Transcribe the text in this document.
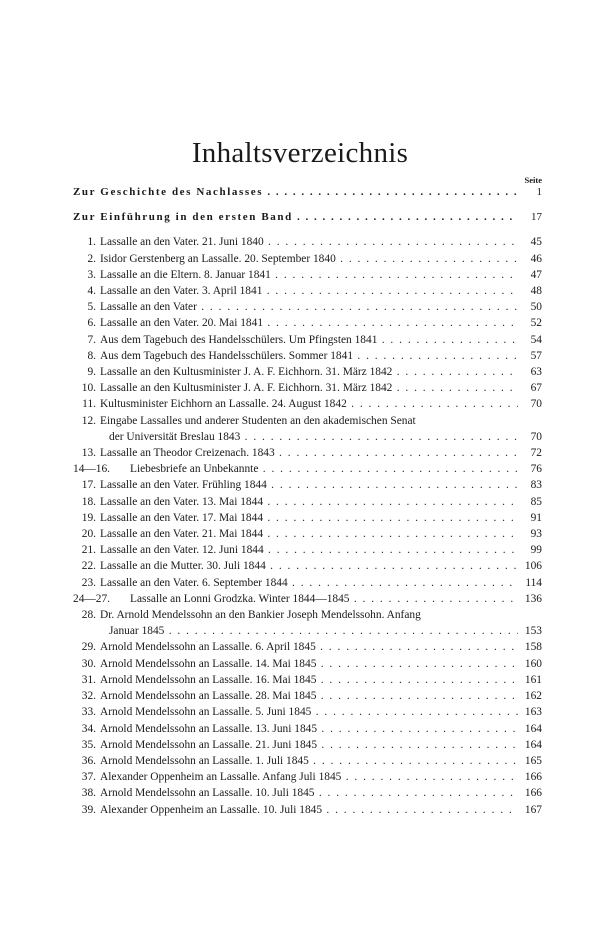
Inhaltsverzeichnis
Seite
Zur Geschichte des Nachlasses . . .	1
Zur Einführung in den ersten Band . . .	17
1. Lassalle an den Vater. 21. Juni 1840 . . .	45
2. Isidor Gerstenberg an Lassalle. 20. September 1840 . . .	46
3. Lassalle an die Eltern. 8. Januar 1841 . . .	47
4. Lassalle an den Vater. 3. April 1841 . . .	48
5. Lassalle an den Vater . . .	50
6. Lassalle an den Vater. 20. Mai 1841 . . .	52
7. Aus dem Tagebuch des Handelsschülers. Um Pfingsten 1841 . . .	54
8. Aus dem Tagebuch des Handelsschülers. Sommer 1841 . . .	57
9. Lassalle an den Kultusminister J. A. F. Eichhorn. 31. März 1842 . . .	63
10. Lassalle an den Kultusminister J. A. F. Eichhorn. 31. März 1842 . . .	67
11. Kultusminister Eichhorn an Lassalle. 24. August 1842 . . .	70
12. Eingabe Lassalles und anderer Studenten an den akademischen Senat
der Universität Breslau 1843 . . .	70
13. Lassalle an Theodor Creizenach. 1843 . . .	72
14—16.	Liebesbriefe an Unbekannte . . .	76
17. Lassalle an den Vater. Frühling 1844 . . .	83
18. Lassalle an den Vater. 13. Mai 1844 . . .	85
19. Lassalle an den Vater. 17. Mai 1844 . . .	91
20. Lassalle an den Vater. 21. Mai 1844 . . .	93
21. Lassalle an den Vater. 12. Juni 1844 . . .	99
22. Lassalle an die Mutter. 30. Juli 1844 . . .	106
23. Lassalle an den Vater. 6. September 1844 . . .	114
24—27.	Lassalle an Lonni Grodzka. Winter 1844—1845 . . .	136
28. Dr. Arnold Mendelssohn an den Bankier Joseph Mendelssohn. Anfang
Januar 1845 . . .	153
29. Arnold Mendelssohn an Lassalle. 6. April 1845 . . .	158
30. Arnold Mendelssohn an Lassalle. 14. Mai 1845 . . .	160
31. Arnold Mendelssohn an Lassalle. 16. Mai 1845 . . .	161
32. Arnold Mendelssohn an Lassalle. 28. Mai 1845 . . .	162
33. Arnold Mendelssohn an Lassalle. 5. Juni 1845 . . .	163
34. Arnold Mendelssohn an Lassalle. 13. Juni 1845 . . .	164
35. Arnold Mendelssohn an Lassalle. 21. Juni 1845 . . .	164
36. Arnold Mendelssohn an Lassalle. 1. Juli 1845 . . .	165
37. Alexander Oppenheim an Lassalle. Anfang Juli 1845 . . .	166
38. Arnold Mendelssohn an Lassalle. 10. Juli 1845 . . .	166
39. Alexander Oppenheim an Lassalle. 10. Juli 1845 . . .	167
